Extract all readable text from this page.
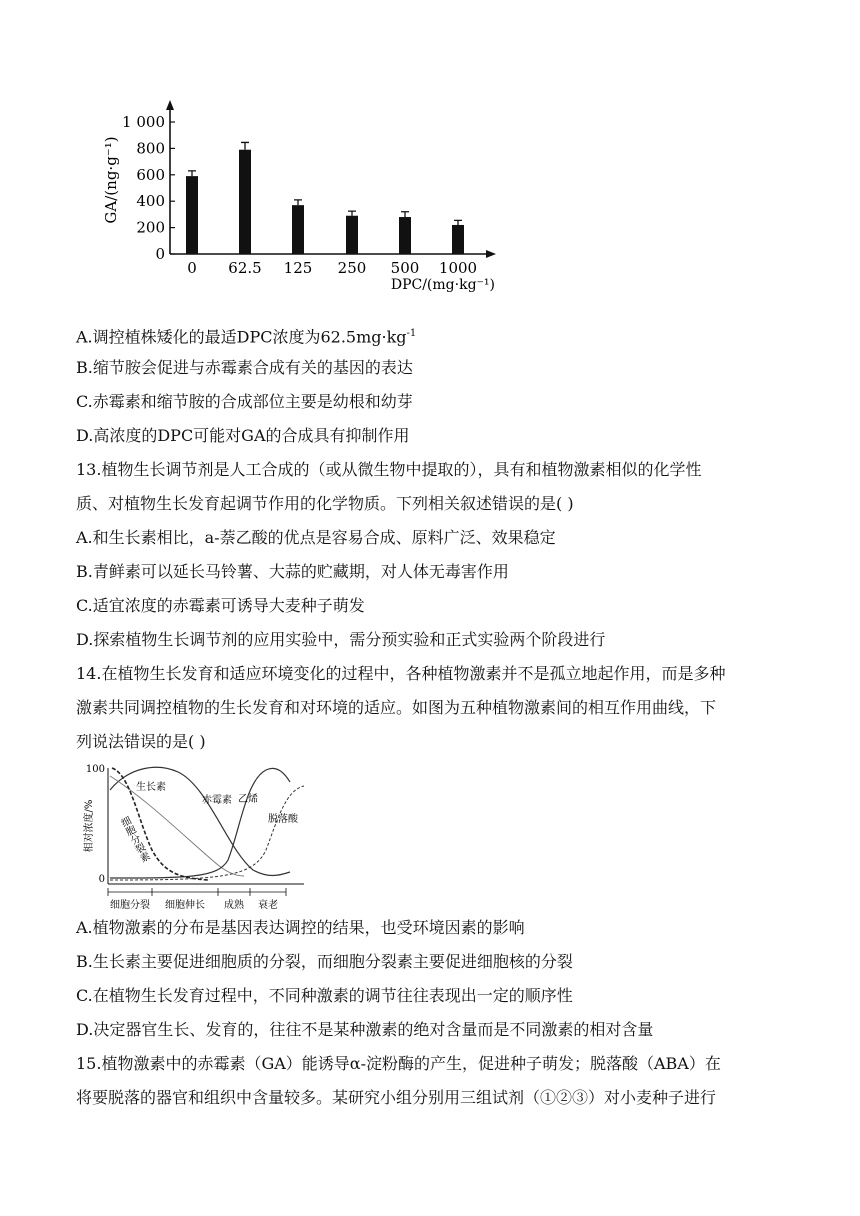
0
200
400
600
800
1 000
0 62.5 125 250 500 1000
GA/(ng·g⁻¹)
DPC/(mg·kg⁻¹)
A.调控植株矮化的最适DPC浓度为$62.5mg\cdot kg^{-1}$
B.缩节胺会促进与赤霉素合成有关的基因的表达
C.赤霉素和缩节胺的合成部位主要是幼根和幼芽
D.高浓度的DPC可能对GA的合成具有抑制作用
13.植物生长调节剂是人工合成的（或从微生物中提取的），具有和植物激素相似的化学性
质、对植物生长发育起调节作用的化学物质。下列相关叙述错误的是( )
A.和生长素相比，a-萘乙酸的优点是容易合成、原料广泛、效果稳定
B.青鲜素可以延长马铃薯、大蒜的贮藏期，对人体无毒害作用
C.适宜浓度的赤霉素可诱导大麦种子萌发
D.探索植物生长调节剂的应用实验中，需分预实验和正式实验两个阶段进行
14.在植物生长发育和适应环境变化的过程中，各种植物激素并不是孤立地起作用，而是多种
激素共同调控植物的生长发育和对环境的适应。如图为五种植物激素间的相互作用曲线，下
列说法错误的是( )
相对浓度/%
100
0
生长素
赤霉素 乙烯
脱落酸
细胞分裂素
细胞分裂 细胞伸长 成熟 衰老
A.植物激素的分布是基因表达调控的结果，也受环境因素的影响
B.生长素主要促进细胞质的分裂，而细胞分裂素主要促进细胞核的分裂
C.在植物生长发育过程中，不同种激素的调节往往表现出一定的顺序性
D.决定器官生长、发育的，往往不是某种激素的绝对含量而是不同激素的相对含量
15.植物激素中的赤霉素（GA）能诱导α-淀粉酶的产生，促进种子萌发；脱落酸（ABA）在
将要脱落的器官和组织中含量较多。某研究小组分别用三组试剂（①②③）对小麦种子进行
